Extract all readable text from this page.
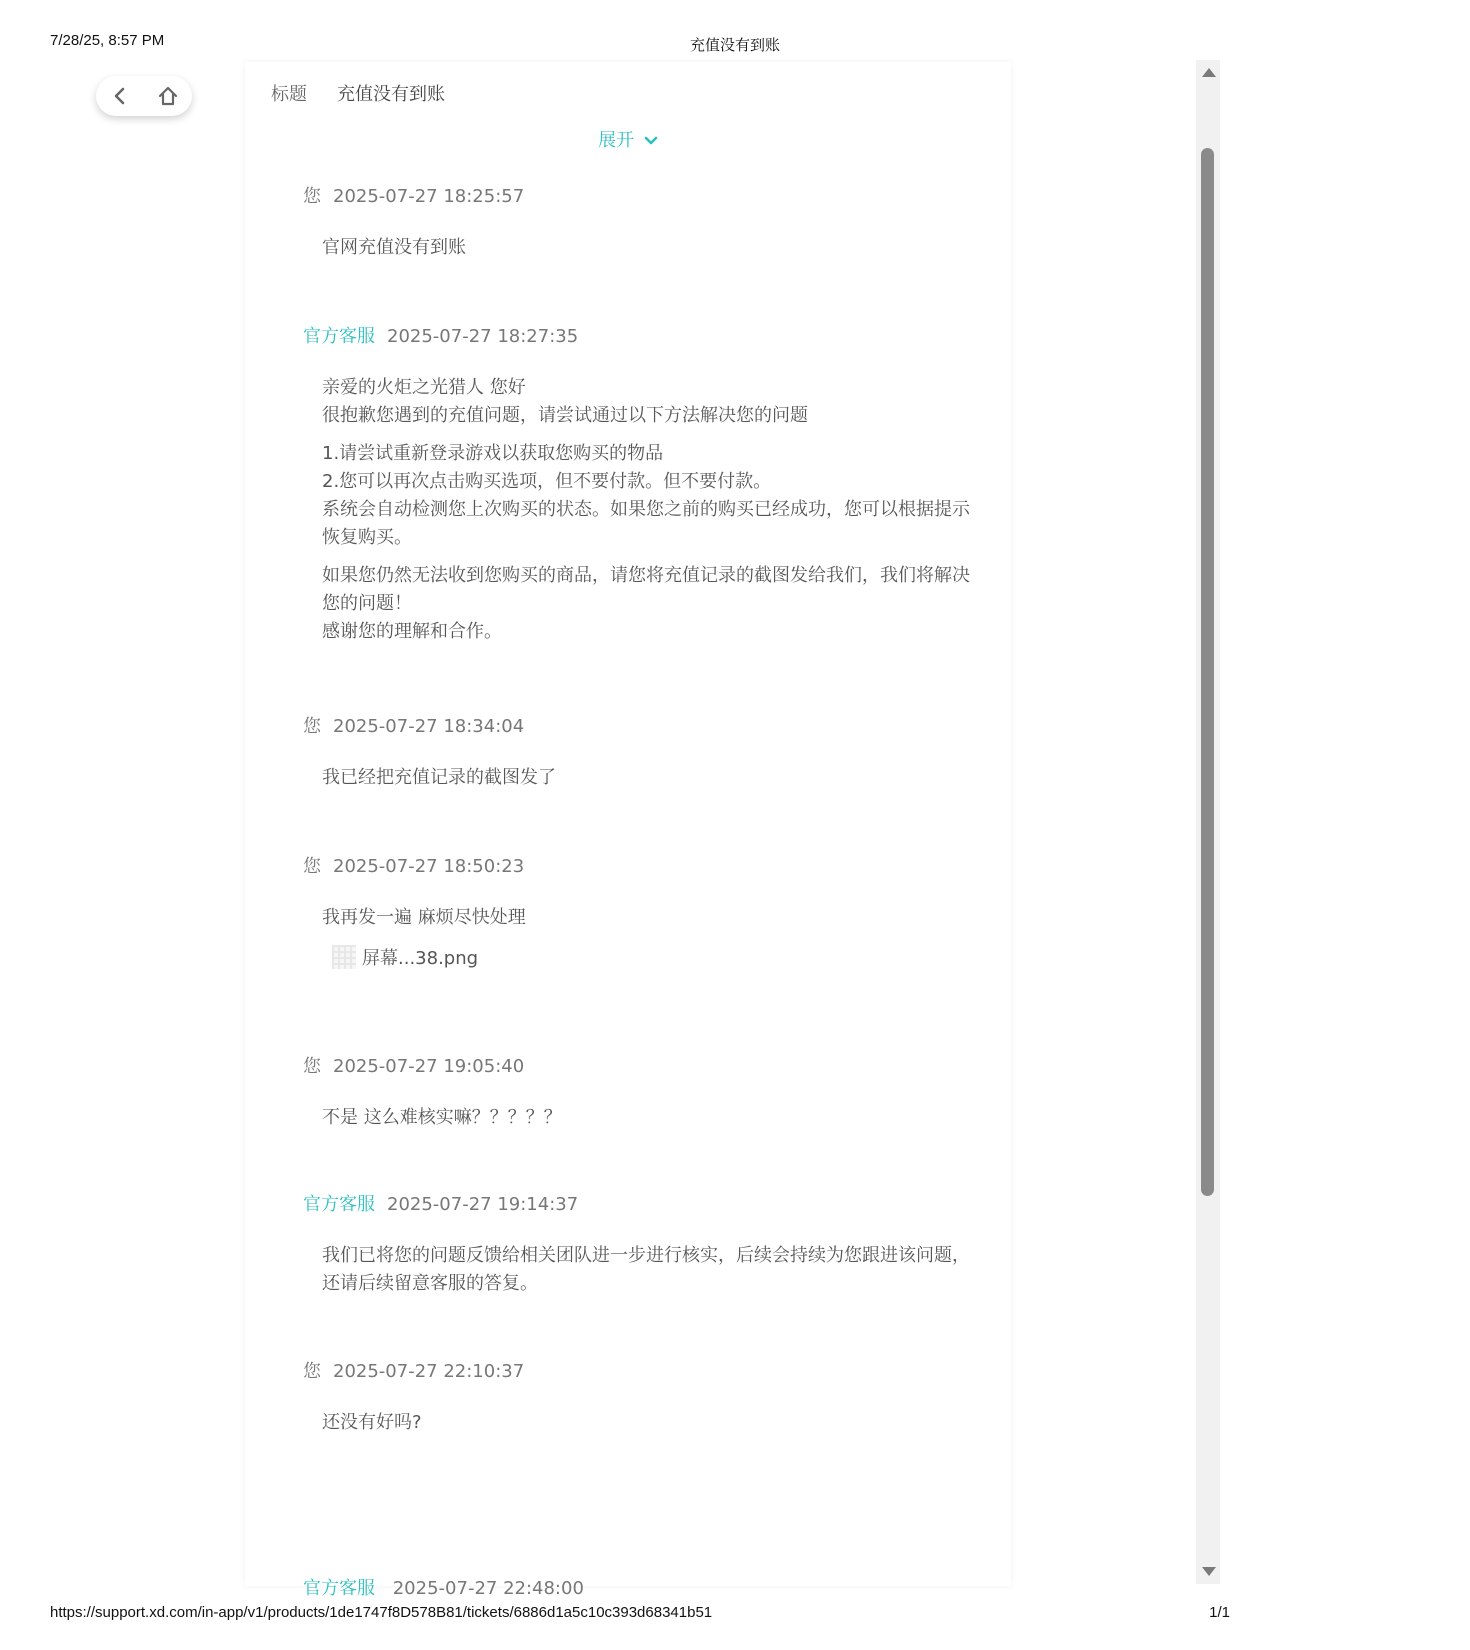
7/28/25, 8:57 PM	充值没有到账
标题 充值没有到账
展开
您 2025-07-27 18:25:57

官网充值没有到账

官方客服 2025-07-27 18:27:35

亲爱的火炬之光猎人 您好
很抱歉您遇到的充值问题，请尝试通过以下方法解决您的问题

1.请尝试重新登录游戏以获取您购买的物品
2.您可以再次点击购买选项，但不要付款。但不要付款。
系统会自动检测您上次购买的状态。如果您之前的购买已经成功，您可以根据提示恢复购买。

如果您仍然无法收到您购买的商品，请您将充值记录的截图发给我们，我们将解决您的问题！
感谢您的理解和合作。

您 2025-07-27 18:34:04

我已经把充值记录的截图发了

您 2025-07-27 18:50:23

我再发一遍 麻烦尽快处理

屏幕...38.png
您 2025-07-27 19:05:40

不是 这么难核实嘛？？？？？

官方客服 2025-07-27 19:14:37

我们已将您的问题反馈给相关团队进一步进行核实，后续会持续为您跟进该问题，还请后续留意客服的答复。

您 2025-07-27 22:10:37

还没有好吗?

官方客服 2025-07-27 22:48:00
https://support.xd.com/in-app/v1/products/1de1747f8D578B81/tickets/6886d1a5c10c393d68341b51	1/1
